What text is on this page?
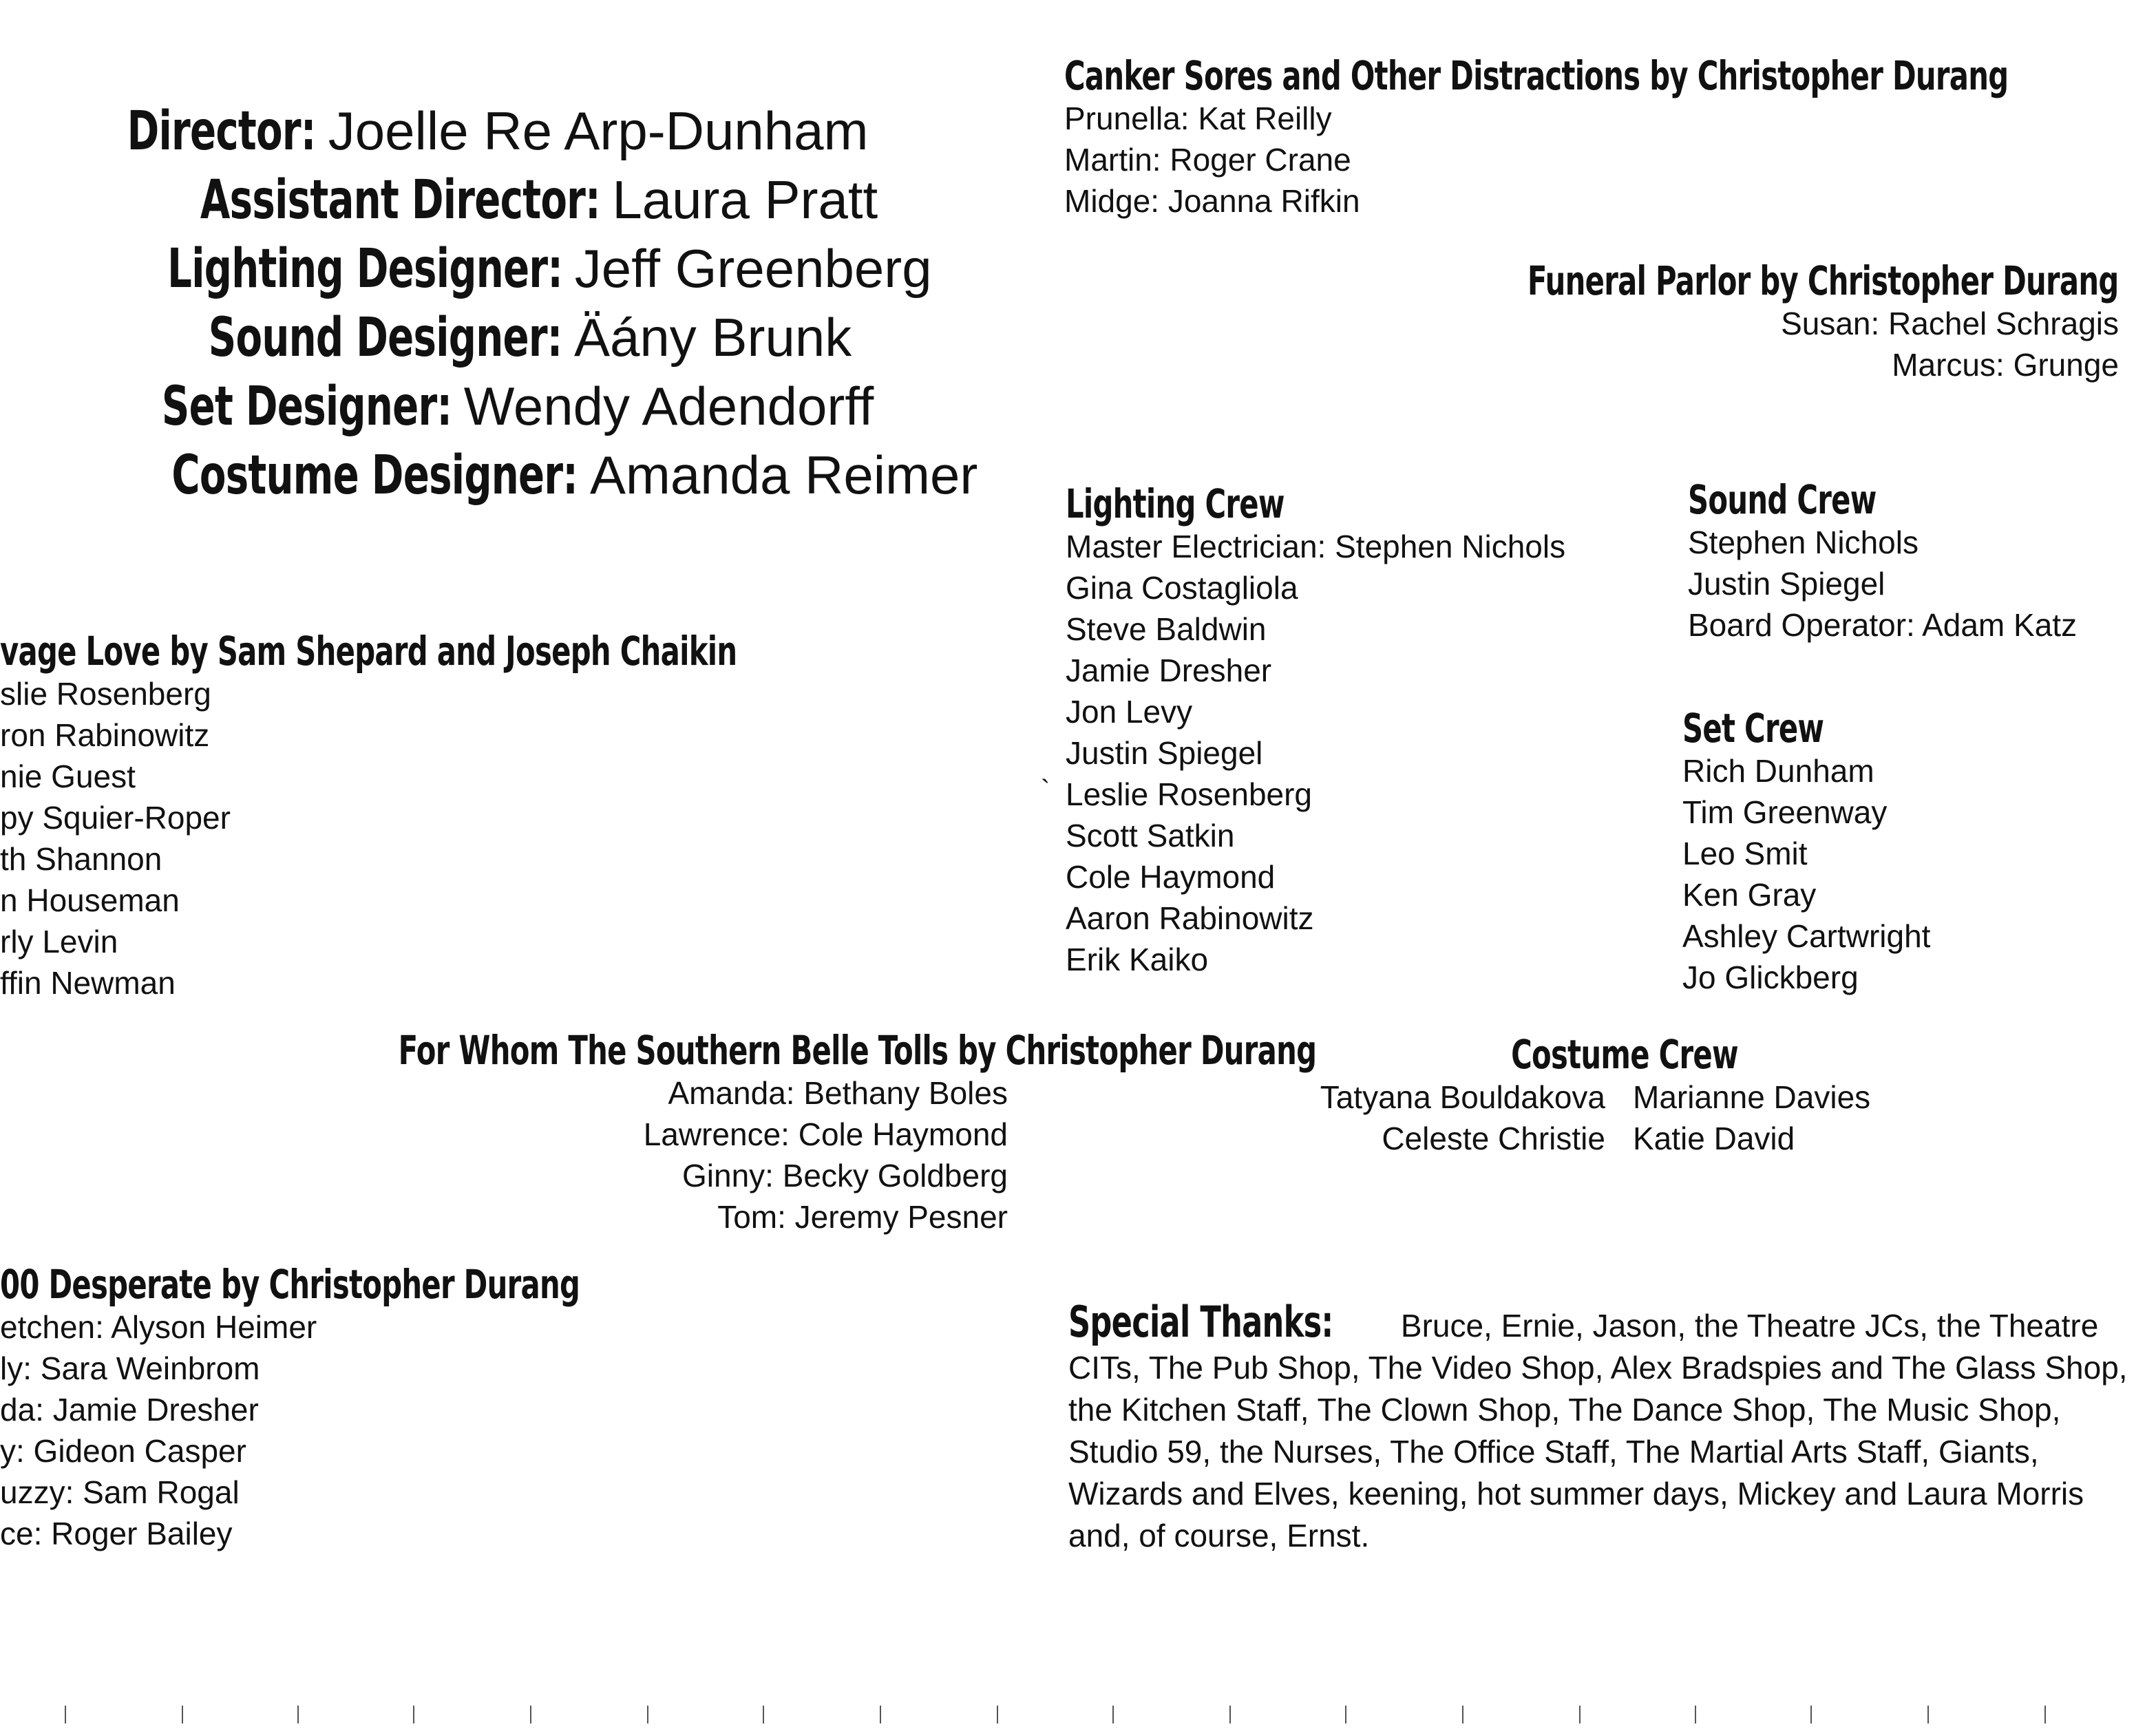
Director: Joelle Re Arp-Dunham
Assistant Director: Laura Pratt
Lighting Designer: Jeff Greenberg
Sound Designer: Äány Brunk
Set Designer: Wendy Adendorff
Costume Designer: Amanda Reimer
vage Love by Sam Shepard and Joseph Chaikin
slie Rosenberg
ron Rabinowitz
nie Guest
py Squier-Roper
th Shannon
n Houseman
rly Levin
ffin Newman
For Whom The Southern Belle Tolls by Christopher Durang
Amanda: Bethany Boles
Lawrence: Cole Haymond
Ginny: Becky Goldberg
Tom: Jeremy Pesner
00 Desperate by Christopher Durang
etchen: Alyson Heimer
ly: Sara Weinbrom
da: Jamie Dresher
y: Gideon Casper
uzzy: Sam Rogal
ce: Roger Bailey
Canker Sores and Other Distractions by Christopher Durang
Prunella: Kat Reilly
Martin: Roger Crane
Midge: Joanna Rifkin
Funeral Parlor by Christopher Durang
Susan: Rachel Schragis
Marcus: Grunge
Lighting Crew
Master Electrician: Stephen Nichols
Gina Costagliola
Steve Baldwin
Jamie Dresher
Jon Levy
Justin Spiegel
Leslie Rosenberg
Scott Satkin
Cole Haymond
Aaron Rabinowitz
Erik Kaiko
`
Sound Crew
Stephen Nichols
Justin Spiegel
Board Operator: Adam Katz
Set Crew
Rich Dunham
Tim Greenway
Leo Smit
Ken Gray
Ashley Cartwright
Jo Glickberg
Costume Crew
Tatyana Bouldakova
Celeste Christie
Marianne Davies
Katie David
Special Thanks: Bruce, Ernie, Jason, the Theatre JCs, the Theatre CITs, The Pub Shop, The Video Shop, Alex Bradspies and The Glass Shop, the Kitchen Staff, The Clown Shop, The Dance Shop, The Music Shop, Studio 59, the Nurses, The Office Staff, The Martial Arts Staff, Giants, Wizards and Elves, keening, hot summer days, Mickey and Laura Morris and, of course, Ernst.
